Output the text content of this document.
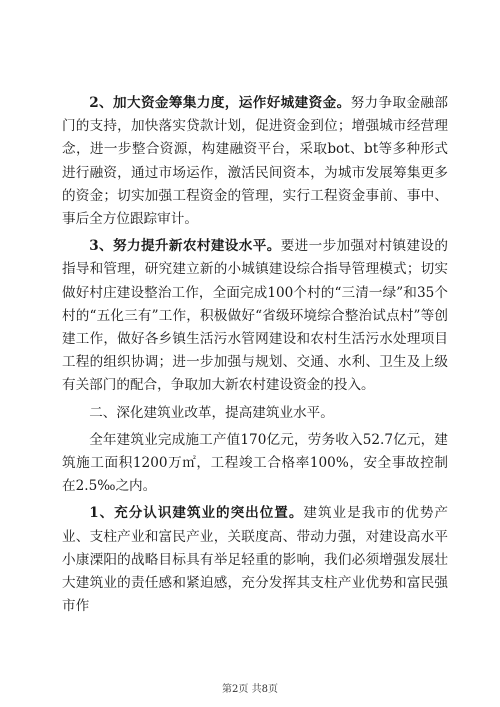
2、加大资金筹集力度，运作好城建资金。努力争取金融部门的支持，加快落实贷款计划，促进资金到位；增强城市经营理念，进一步整合资源，构建融资平台，采取bot、bt等多种形式进行融资，通过市场运作，激活民间资本，为城市发展筹集更多的资金；切实加强工程资金的管理，实行工程资金事前、事中、事后全方位跟踪审计。

3、努力提升新农村建设水平。要进一步加强对村镇建设的指导和管理，研究建立新的小城镇建设综合指导管理模式；切实做好村庄建设整治工作，全面完成100个村的“三清一绿”和35个村的“五化三有”工作，积极做好“省级环境综合整治试点村”等创建工作，做好各乡镇生活污水管网建设和农村生活污水处理项目工程的组织协调；进一步加强与规划、交通、水利、卫生及上级有关部门的配合，争取加大新农村建设资金的投入。

二、深化建筑业改革，提高建筑业水平。

全年建筑业完成施工产值170亿元，劳务收入52.7亿元，建筑施工面积1200万㎡，工程竣工合格率100%，安全事故控制在2.5‰之内。

1、充分认识建筑业的突出位置。建筑业是我市的优势产业、支柱产业和富民产业，关联度高、带动力强，对建设高水平小康溧阳的战略目标具有举足轻重的影响，我们必须增强发展壮大建筑业的责任感和紧迫感，充分发挥其支柱产业优势和富民强市作

第2页 共8页
